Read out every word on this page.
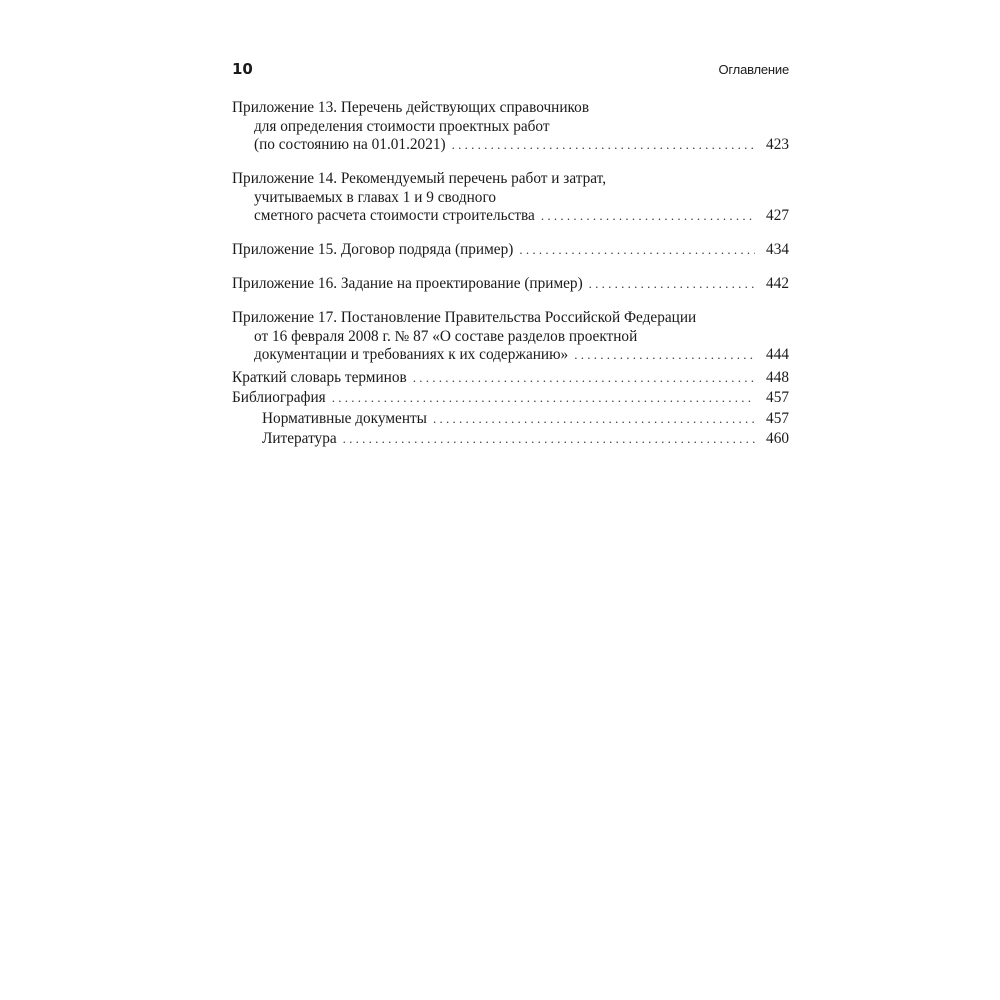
10	Оглавление
Приложение 13. Перечень действующих справочников
для определения стоимости проектных работ
(по состоянию на 01.01.2021) . . .	423
Приложение 14. Рекомендуемый перечень работ и затрат,
учитываемых в главах 1 и 9 сводного
сметного расчета стоимости строительства . . .	427
Приложение 15. Договор подряда (пример) . . .	434
Приложение 16. Задание на проектирование (пример) . . .	442
Приложение 17. Постановление Правительства Российской Федерации
от 16 февраля 2008 г. № 87 «О составе разделов проектной
документации и требованиях к их содержанию» . . .	444
Краткий словарь терминов . . .	448
Библиография . . .	457
Нормативные документы . . .	457
Литература . . .	460
